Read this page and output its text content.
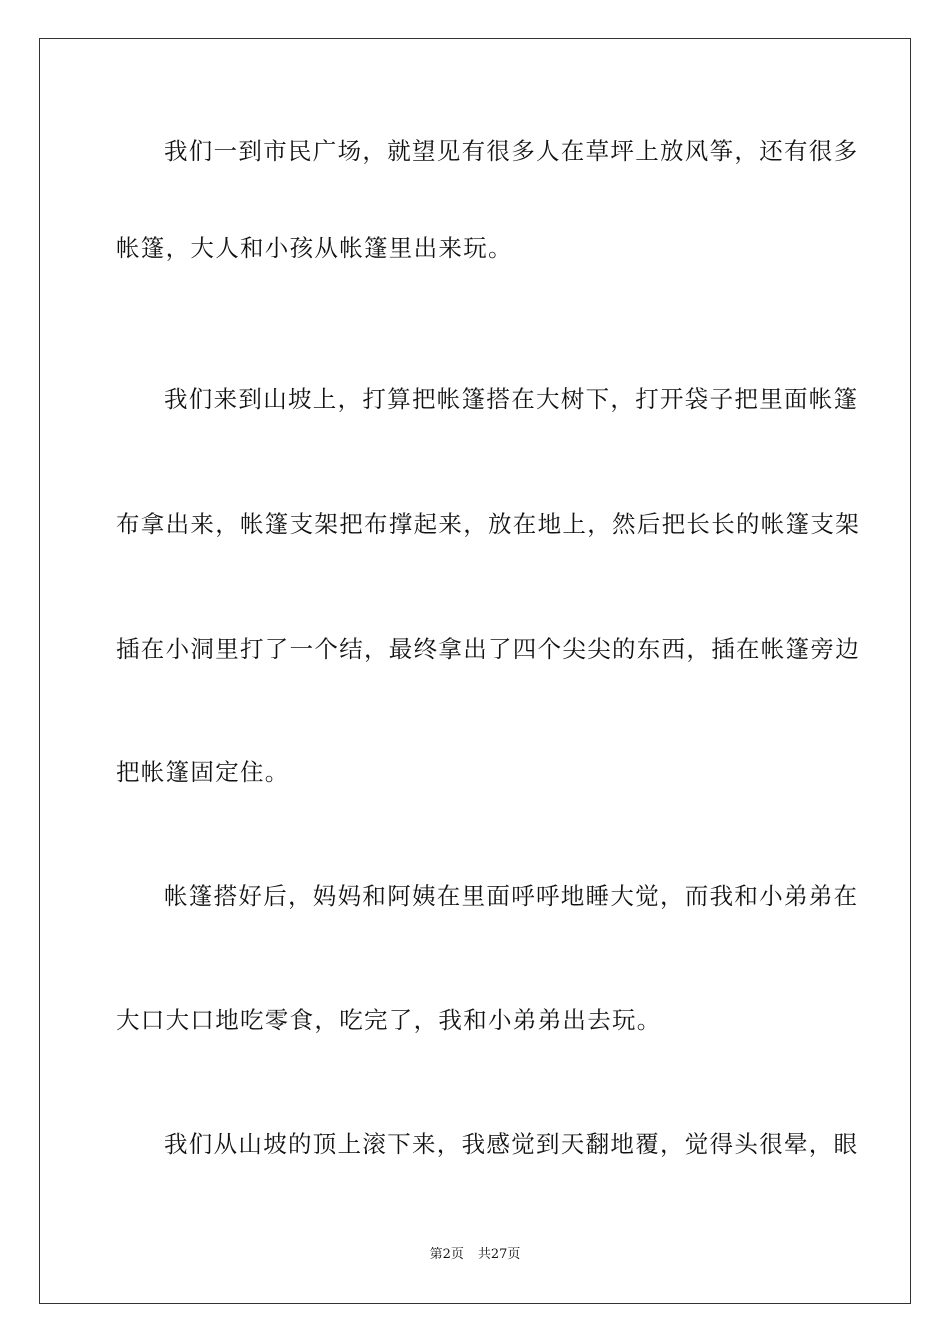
我们一到市民广场，就望见有很多人在草坪上放风筝，还有很多
帐篷，大人和小孩从帐篷里出来玩。
我们来到山坡上，打算把帐篷搭在大树下，打开袋子把里面帐篷
布拿出来，帐篷支架把布撑起来，放在地上，然后把长长的帐篷支架
插在小洞里打了一个结，最终拿出了四个尖尖的东西，插在帐篷旁边
把帐篷固定住。
帐篷搭好后，妈妈和阿姨在里面呼呼地睡大觉，而我和小弟弟在
大口大口地吃零食，吃完了，我和小弟弟出去玩。
我们从山坡的顶上滚下来，我感觉到天翻地覆，觉得头很晕，眼
第2页 共27页
